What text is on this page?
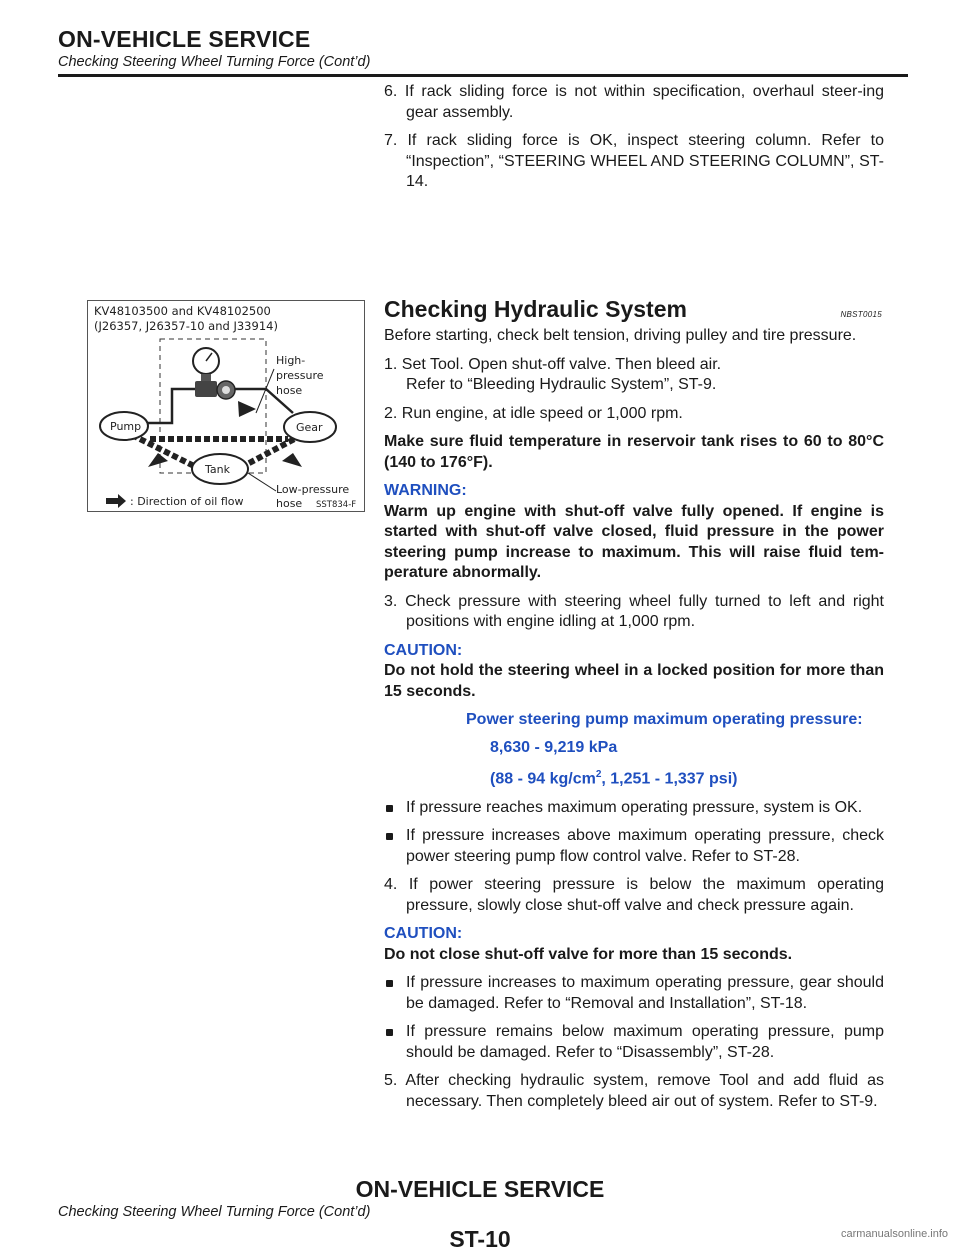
ON-VEHICLE SERVICE
Checking Steering Wheel Turning Force (Cont’d)

6. If rack sliding force is not within specification, overhaul steer-ing gear assembly.

7. If rack sliding force is OK, inspect steering column. Refer to “Inspection”, “STEERING WHEEL AND STEERING COLUMN”, ST-14.

KV48103500 and KV48102500
(J26357, J26357-10 and J33914)
High-
pressure
hose
Pump	Gear
Tank
Low-pressure
hose
: Direction of oil flow	SST834-F
Checking Hydraulic System	NBST0015

Before starting, check belt tension, driving pulley and tire pressure.

1. Set Tool. Open shut-off valve. Then bleed air.
Refer to “Bleeding Hydraulic System”, ST-9.

2. Run engine, at idle speed or 1,000 rpm.

Make sure fluid temperature in reservoir tank rises to 60 to 80°C (140 to 176°F).

WARNING:

Warm up engine with shut-off valve fully opened. If engine is started with shut-off valve closed, fluid pressure in the power steering pump increase to maximum. This will raise fluid tem-perature abnormally.

3. Check pressure with steering wheel fully turned to left and right positions with engine idling at 1,000 rpm.

CAUTION:

Do not hold the steering wheel in a locked position for more than 15 seconds.

Power steering pump maximum operating pressure:
8,630 - 9,219 kPa
(88 - 94 $kg/cm^2$, 1,251 - 1,337 psi)

If pressure reaches maximum operating pressure, system is OK.

If pressure increases above maximum operating pressure, check power steering pump flow control valve. Refer to ST-28.

4. If power steering pressure is below the maximum operating pressure, slowly close shut-off valve and check pressure again.

CAUTION:

Do not close shut-off valve for more than 15 seconds.

If pressure increases to maximum operating pressure, gear should be damaged. Refer to “Removal and Installation”, ST-18.

If pressure remains below maximum operating pressure, pump should be damaged. Refer to “Disassembly”, ST-28.

5. After checking hydraulic system, remove Tool and add fluid as necessary. Then completely bleed air out of system. Refer to ST-9.

ON-VEHICLE SERVICE
Checking Steering Wheel Turning Force (Cont’d)
ST-10	carmanualsonline.info
